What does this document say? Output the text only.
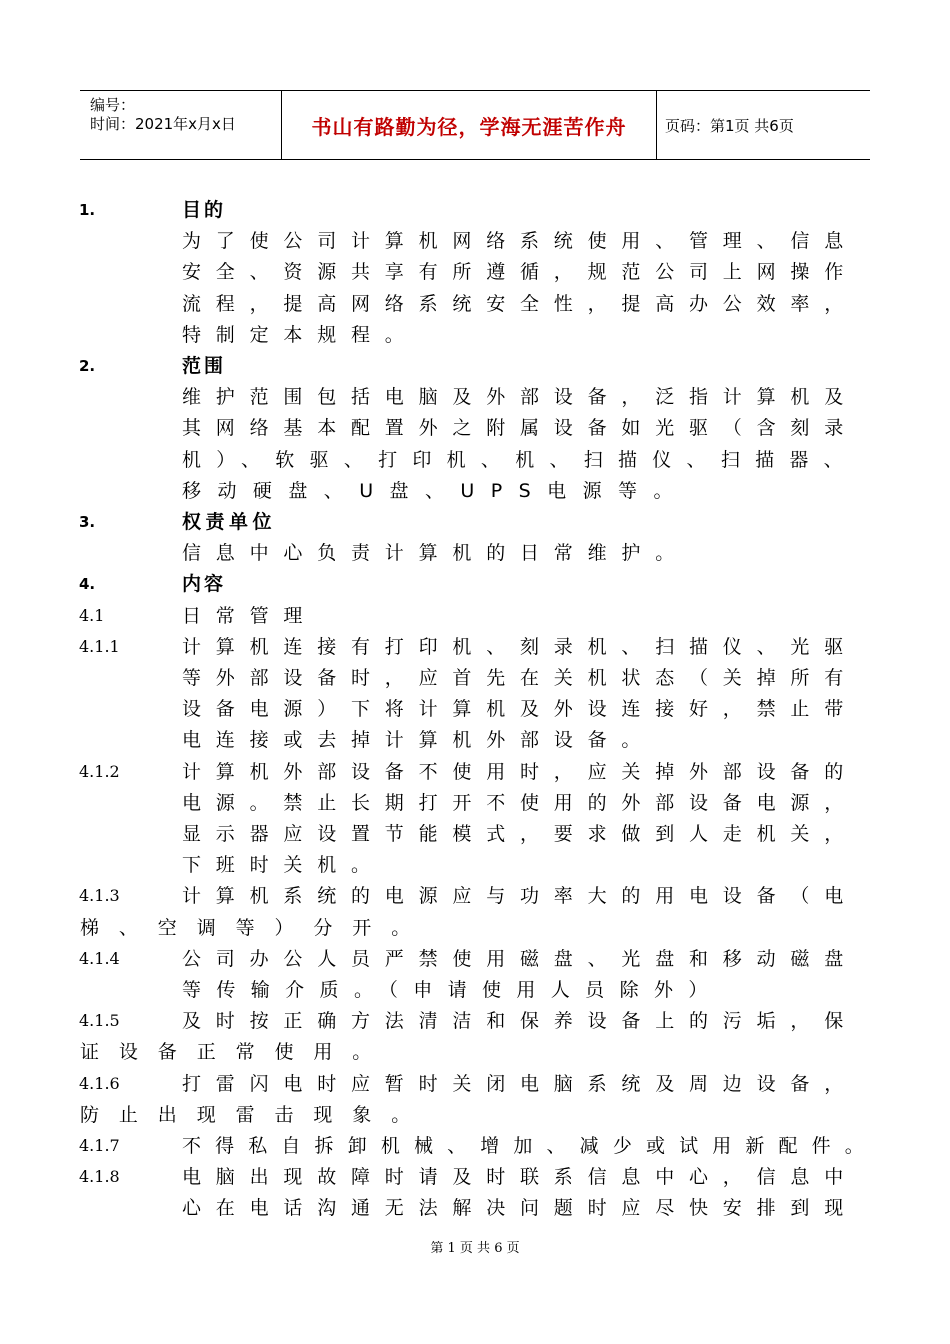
编号：
时间：2021年x月x日	书山有路勤为径，学海无涯苦作舟	页码：第1页 共6页
1.	目的
为了使公司计算机网络系统使用、管理、信息
安全、资源共享有所遵循，规范公司上网操作
流程，提高网络系统安全性，提高办公效率，
特制定本规程。
2.	范围
维护范围包括电脑及外部设备，泛指计算机及
其网络基本配置外之附属设备如光驱（含刻录
机）、软驱、打印机、机、扫描仪、扫描器、
移动硬盘、U盘、UPS电源等。
3.	权责单位
信息中心负责计算机的日常维护。
4.	内容
4.1	日常管理
4.1.1	计算机连接有打印机、刻录机、扫描仪、光驱
等外部设备时，应首先在关机状态（关掉所有
设备电源）下将计算机及外设连接好，禁止带
电连接或去掉计算机外部设备。
4.1.2	计算机外部设备不使用时，应关掉外部设备的
电源。禁止长期打开不使用的外部设备电源，
显示器应设置节能模式，要求做到人走机关，
下班时关机。
4.1.3	计算机系统的电源应与功率大的用电设备（电
梯、空调等）分开。
4.1.4	公司办公人员严禁使用磁盘、光盘和移动磁盘
等传输介质。（申请使用人员除外）
4.1.5	及时按正确方法清洁和保养设备上的污垢，保
证设备正常使用。
4.1.6	打雷闪电时应暂时关闭电脑系统及周边设备，
防止出现雷击现象。
4.1.7	不得私自拆卸机械、增加、减少或试用新配件。
4.1.8	电脑出现故障时请及时联系信息中心，信息中
心在电话沟通无法解决问题时应尽快安排到现
第 1 页 共 6 页
